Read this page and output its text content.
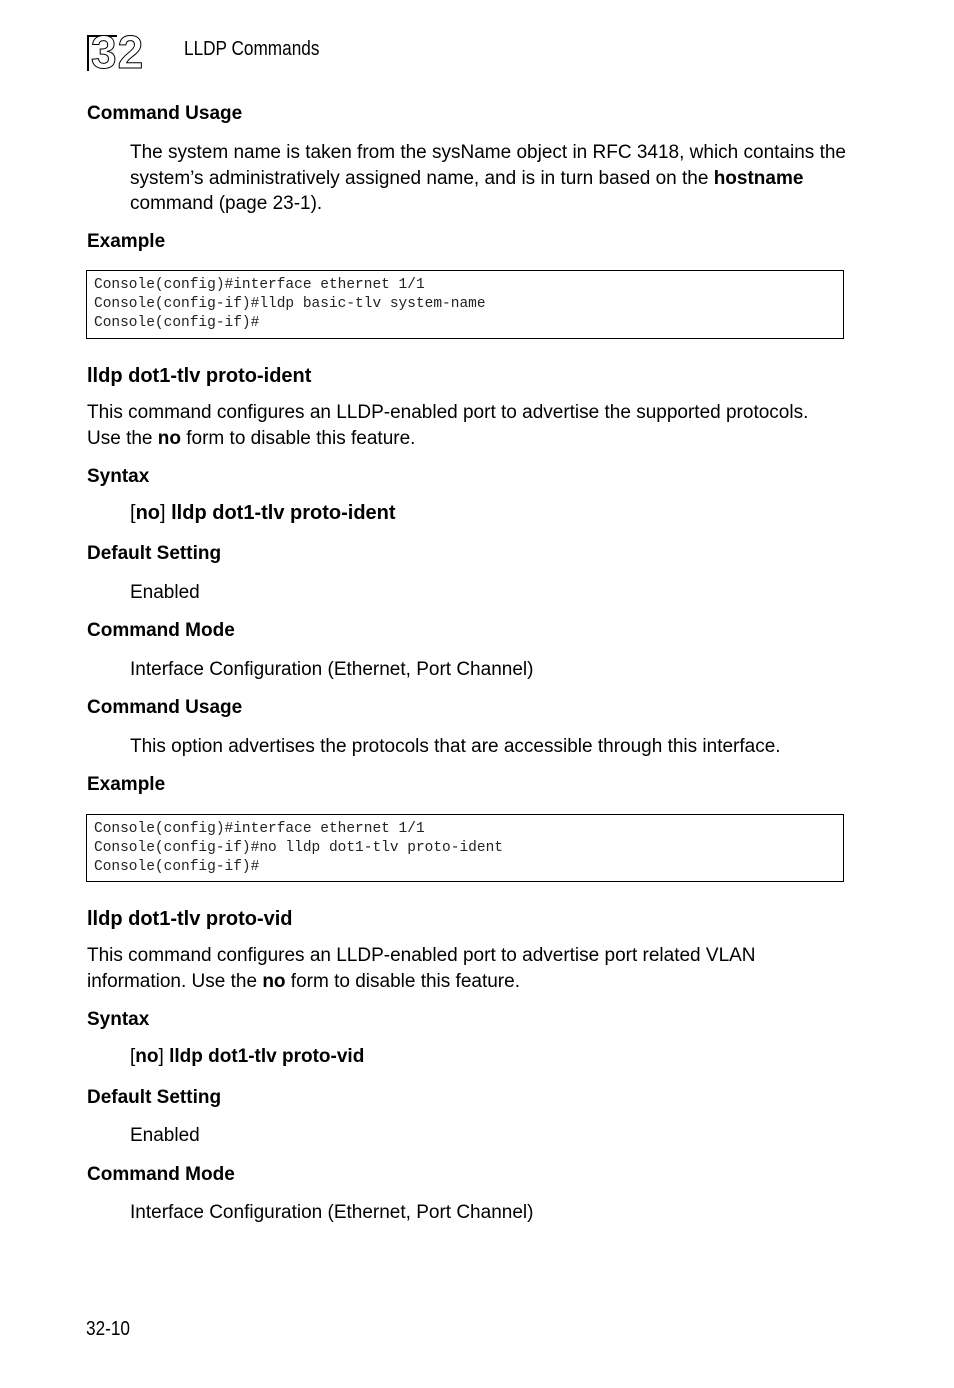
32 LLDP Commands
Command Usage
The system name is taken from the sysName object in RFC 3418, which contains the system’s administratively assigned name, and is in turn based on the hostname command (page 23-1).
Example
Console(config)#interface ethernet 1/1
Console(config-if)#lldp basic-tlv system-name
Console(config-if)#
lldp dot1-tlv proto-ident
This command configures an LLDP-enabled port to advertise the supported protocols. Use the no form to disable this feature.
Syntax
[no] lldp dot1-tlv proto-ident
Default Setting
Enabled
Command Mode
Interface Configuration (Ethernet, Port Channel)
Command Usage
This option advertises the protocols that are accessible through this interface.
Example
Console(config)#interface ethernet 1/1
Console(config-if)#no lldp dot1-tlv proto-ident
Console(config-if)#
lldp dot1-tlv proto-vid
This command configures an LLDP-enabled port to advertise port related VLAN information. Use the no form to disable this feature.
Syntax
[no] lldp dot1-tlv proto-vid
Default Setting
Enabled
Command Mode
Interface Configuration (Ethernet, Port Channel)
32-10
